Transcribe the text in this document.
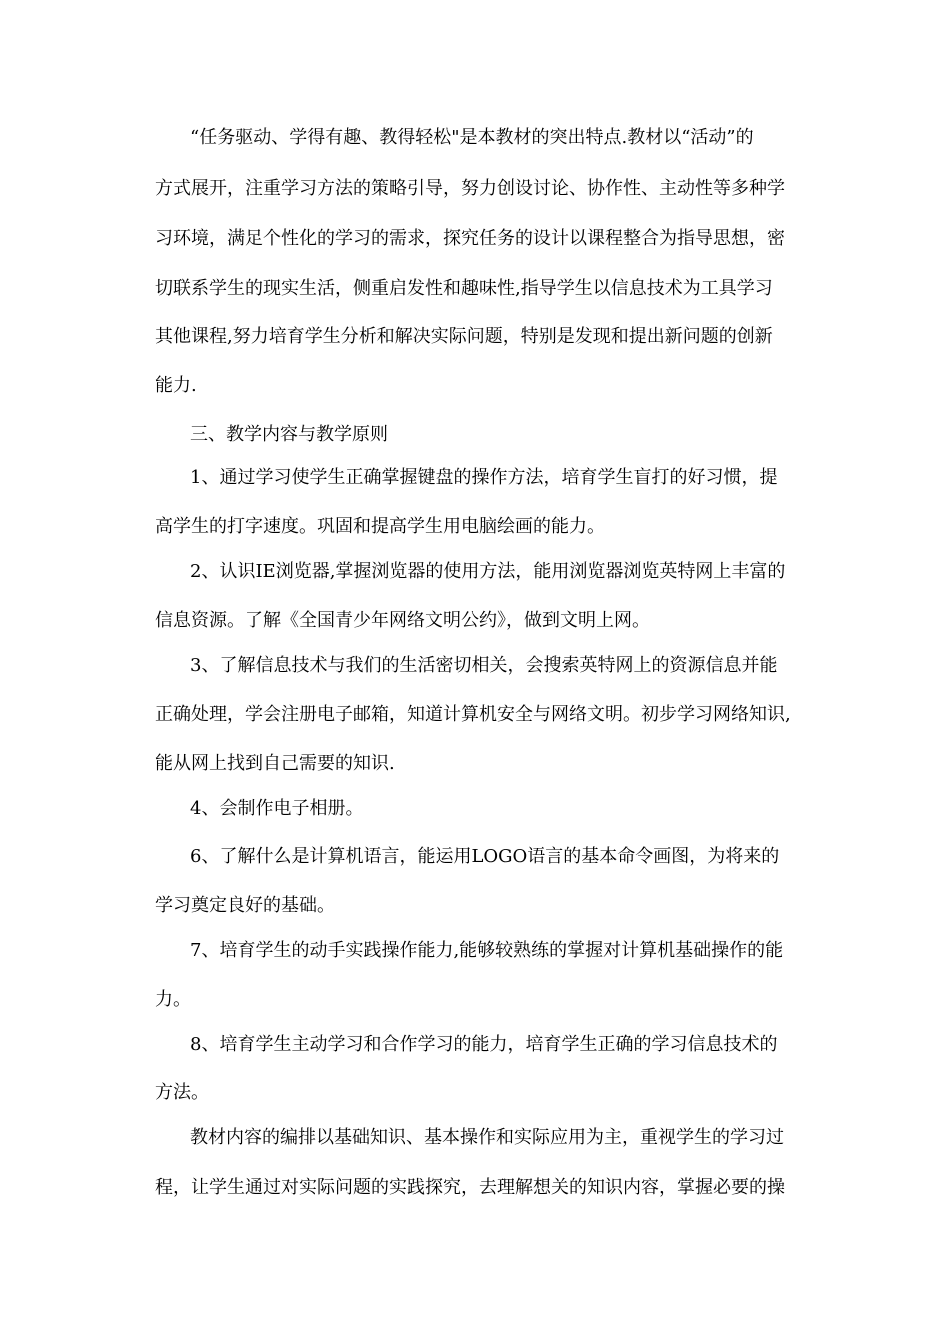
“任务驱动、学得有趣、教得轻松"是本教材的突出特点.教材以“活动”的

方式展开，注重学习方法的策略引导，努力创设讨论、协作性、主动性等多种学

习环境，满足个性化的学习的需求，探究任务的设计以课程整合为指导思想，密

切联系学生的现实生活，侧重启发性和趣味性,指导学生以信息技术为工具学习

其他课程,努力培育学生分析和解决实际问题，特别是发现和提出新问题的创新

能力.

三、教学内容与教学原则

1、通过学习使学生正确掌握键盘的操作方法，培育学生盲打的好习惯，提

高学生的打字速度。巩固和提高学生用电脑绘画的能力。

2、认识IE浏览器,掌握浏览器的使用方法，能用浏览器浏览英特网上丰富的

信息资源。了解《全国青少年网络文明公约》，做到文明上网。

3、了解信息技术与我们的生活密切相关，会搜索英特网上的资源信息并能

正确处理，学会注册电子邮箱，知道计算机安全与网络文明。初步学习网络知识,

能从网上找到自己需要的知识.

4、会制作电子相册。

6、了解什么是计算机语言，能运用LOGO语言的基本命令画图，为将来的

学习奠定良好的基础。

7、培育学生的动手实践操作能力,能够较熟练的掌握对计算机基础操作的能

力。

8、培育学生主动学习和合作学习的能力，培育学生正确的学习信息技术的

方法。

教材内容的编排以基础知识、基本操作和实际应用为主，重视学生的学习过

程，让学生通过对实际问题的实践探究，去理解想关的知识内容，掌握必要的操
